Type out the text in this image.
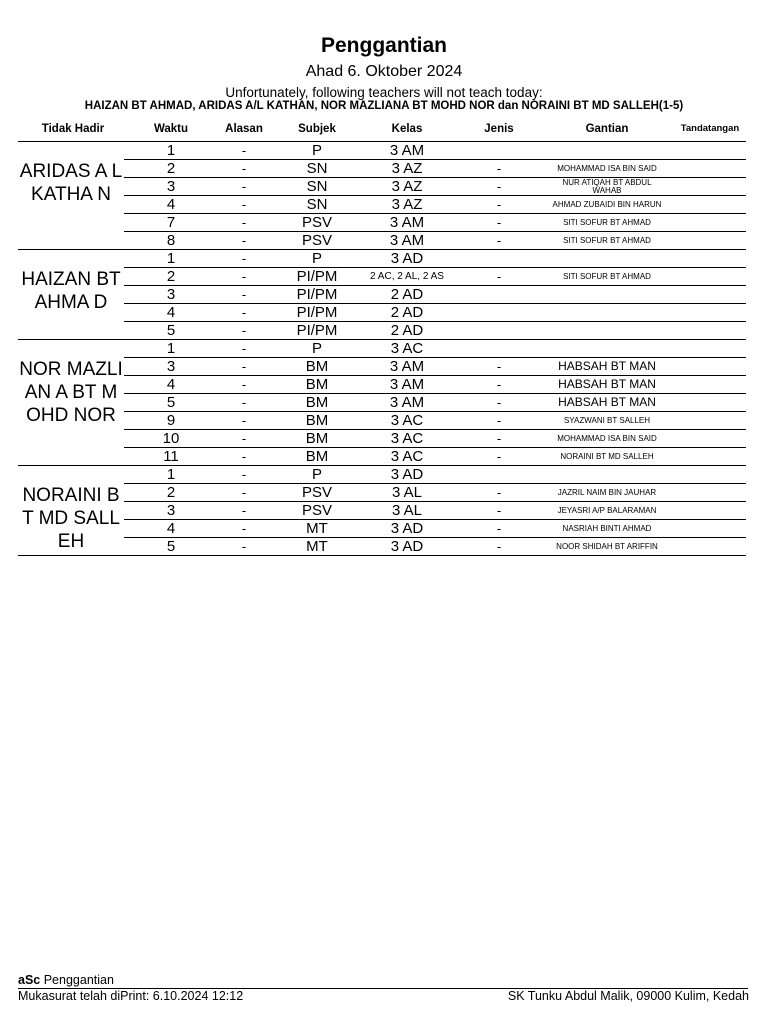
Penggantian
Ahad 6. Oktober 2024
Unfortunately, following teachers will not teach today:
HAIZAN BT AHMAD, ARIDAS A/L KATHAN, NOR MAZLIANA BT MOHD NOR dan NORAINI BT MD SALLEH(1-5)
Tidak Hadir	Waktu	Alasan	Subjek	Kelas	Jenis	Gantian	Tandatangan
ARIDAS A L KATHA N	1	-	P	3 AM			
	2	-	SN	3 AZ	-	MOHAMMAD ISA BIN SAID	
	3	-	SN	3 AZ	-	NUR ATIQAH BT ABDUL WAHAB	
	4	-	SN	3 AZ	-	AHMAD ZUBAIDI BIN HARUN	
	7	-	PSV	3 AM	-	SITI SOFUR BT AHMAD	
	8	-	PSV	3 AM	-	SITI SOFUR BT AHMAD	
HAIZAN BT AHMA D	1	-	P	3 AD			
	2	-	PI/PM	2 AC, 2 AL, 2 AS	-	SITI SOFUR BT AHMAD	
	3	-	PI/PM	2 AD			
	4	-	PI/PM	2 AD			
	5	-	PI/PM	2 AD			
NOR MAZLIAN A BT MOHD NOR	1	-	P	3 AC			
	3	-	BM	3 AM	-	HABSAH BT MAN	
	4	-	BM	3 AM	-	HABSAH BT MAN	
	5	-	BM	3 AM	-	HABSAH BT MAN	
	9	-	BM	3 AC	-	SYAZWANI BT SALLEH	
	10	-	BM	3 AC	-	MOHAMMAD ISA BIN SAID	
	11	-	BM	3 AC	-	NORAINI BT MD SALLEH	
NORAINI BT MD SALLEH	1	-	P	3 AD			
	2	-	PSV	3 AL	-	JAZRIL NAIM BIN JAUHAR	
	3	-	PSV	3 AL	-	JEYASRI A/P BALARAMAN	
	4	-	MT	3 AD	-	NASRIAH BINTI AHMAD	
	5	-	MT	3 AD	-	NOOR SHIDAH BT ARIFFIN	
aSc Penggantian
Mukasurat telah diPrint: 6.10.2024 12:12	SK Tunku Abdul Malik, 09000 Kulim, Kedah
